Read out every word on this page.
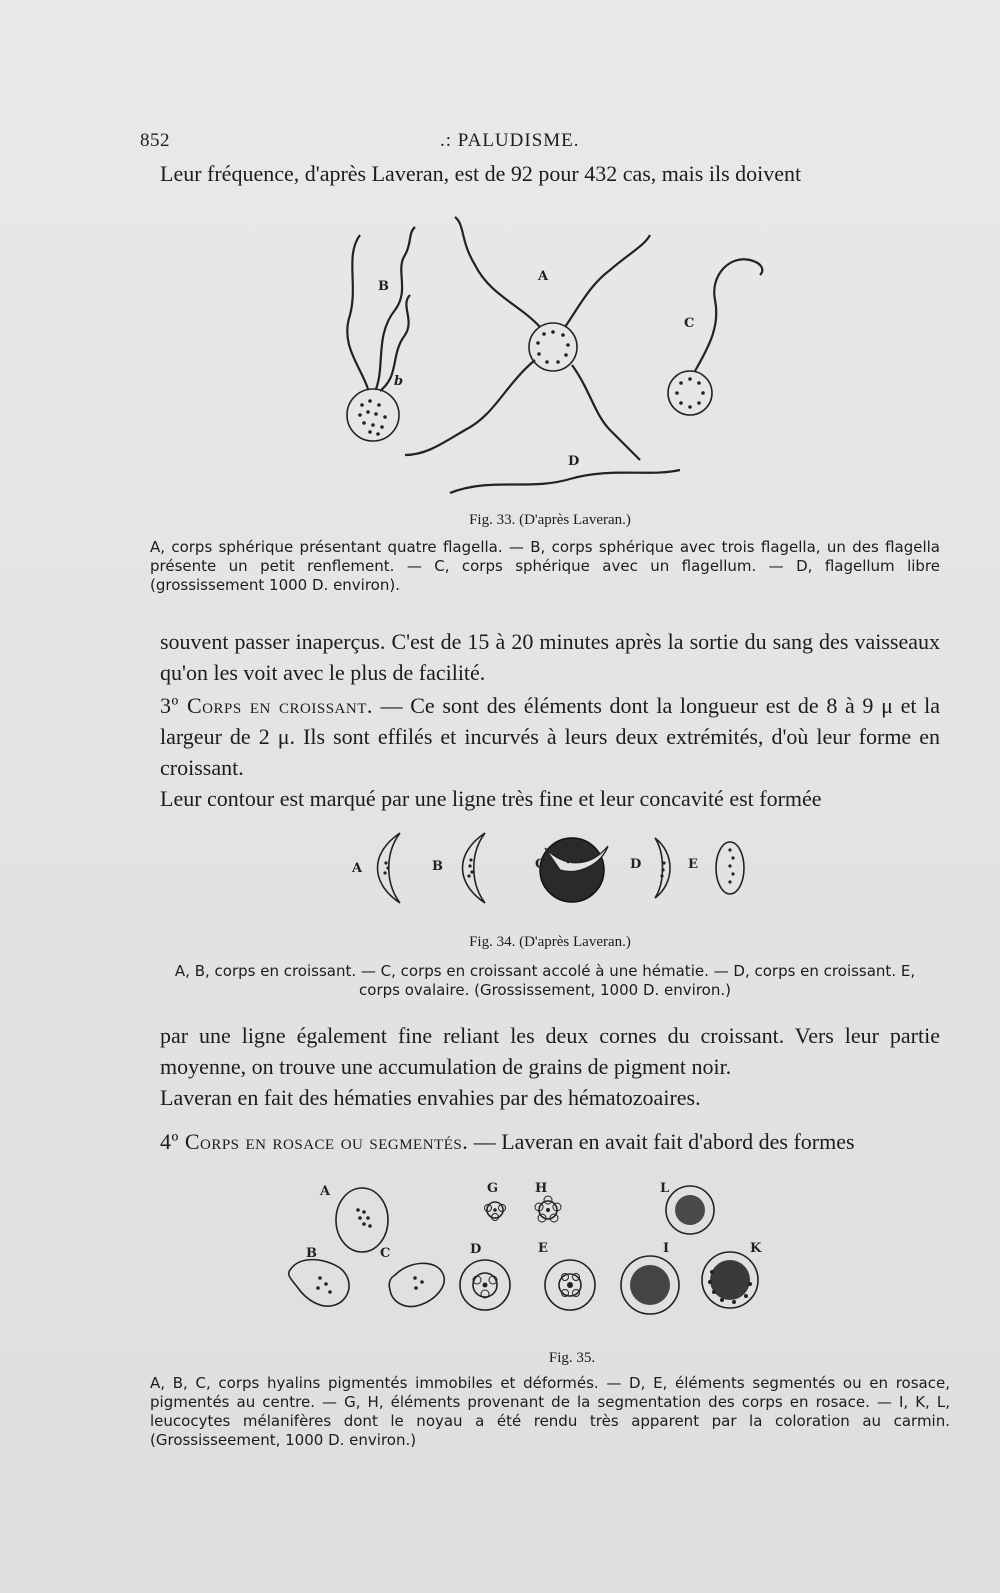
852	.: PALUDISME.
Leur fréquence, d'après Laveran, est de 92 pour 432 cas, mais ils doivent
B
b
A
C
D
Fig. 33. (D'après Laveran.)
A, corps sphérique présentant quatre flagella. — B, corps sphérique avec trois flagella, un des flagella présente un petit renflement. — C, corps sphérique avec un flagellum. — D, flagellum libre (grossissement 1000 D. environ).
souvent passer inaperçus. C'est de 15 à 20 minutes après la sortie du sang des vaisseaux qu'on les voit avec le plus de facilité.
3º Corps en croissant. — Ce sont des éléments dont la longueur est de 8 à 9 μ et la largeur de 2 μ. Ils sont effilés et incurvés à leurs deux extrémités, d'où leur forme en croissant.
Leur contour est marqué par une ligne très fine et leur concavité est formée
A	B	C	D	E
Fig. 34. (D'après Laveran.)
A, B, corps en croissant. — C, corps en croissant accolé à une hématie. — D, corps en croissant. E, corps ovalaire. (Grossissement, 1000 D. environ.)
par une ligne également fine reliant les deux cornes du croissant. Vers leur partie moyenne, on trouve une accumulation de grains de pigment noir.
Laveran en fait des hématies envahies par des hématozoaires.
4º Corps en rosace ou segmentés. — Laveran en avait fait d'abord des formes
A
B	C	D	E
G	H	L
I	K
Fig. 35.
A, B, C, corps hyalins pigmentés immobiles et déformés. — D, E, éléments segmentés ou en rosace, pigmentés au centre. — G, H, éléments provenant de la segmentation des corps en rosace. — I, K, L, leucocytes mélanifères dont le noyau a été rendu très apparent par la coloration au carmin. (Grossisseement, 1000 D. environ.)
